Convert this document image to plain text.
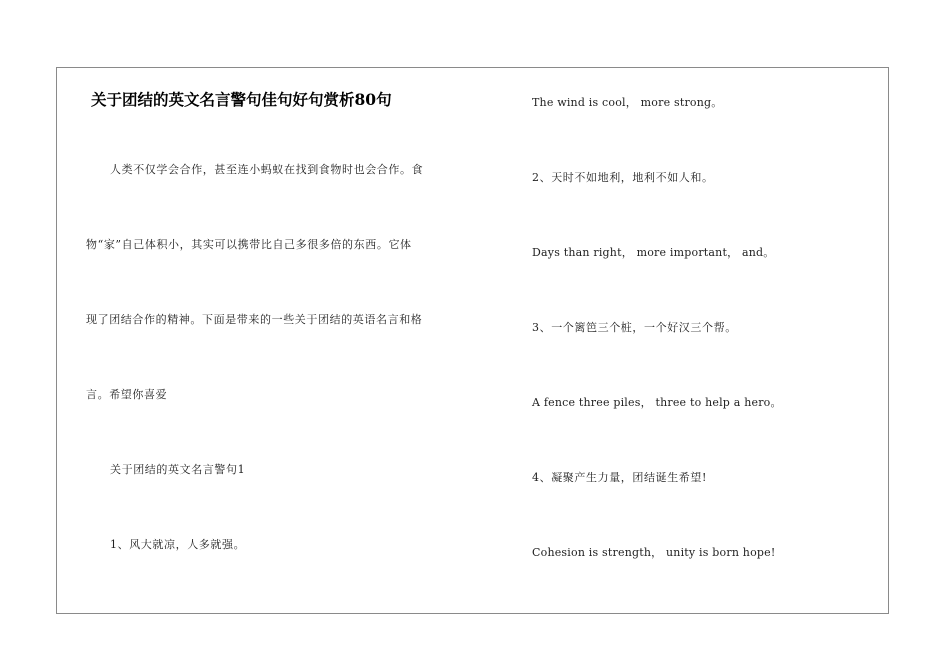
关于团结的英文名言警句佳句好句赏析80句
人类不仅学会合作，甚至连小蚂蚁在找到食物时也会合作。食
物“家”自己体积小，其实可以携带比自己多很多倍的东西。它体
现了团结合作的精神。下面是带来的一些关于团结的英语名言和格
言。希望你喜爱
关于团结的英文名言警句1
1、风大就凉，人多就强。
The wind is cool， more strong。
2、天时不如地利，地利不如人和。
Days than right， more important， and。
3、一个篱笆三个桩，一个好汉三个帮。
A fence three piles， three to help a hero。
4、凝聚产生力量，团结诞生希望!
Cohesion is strength， unity is born hope!
